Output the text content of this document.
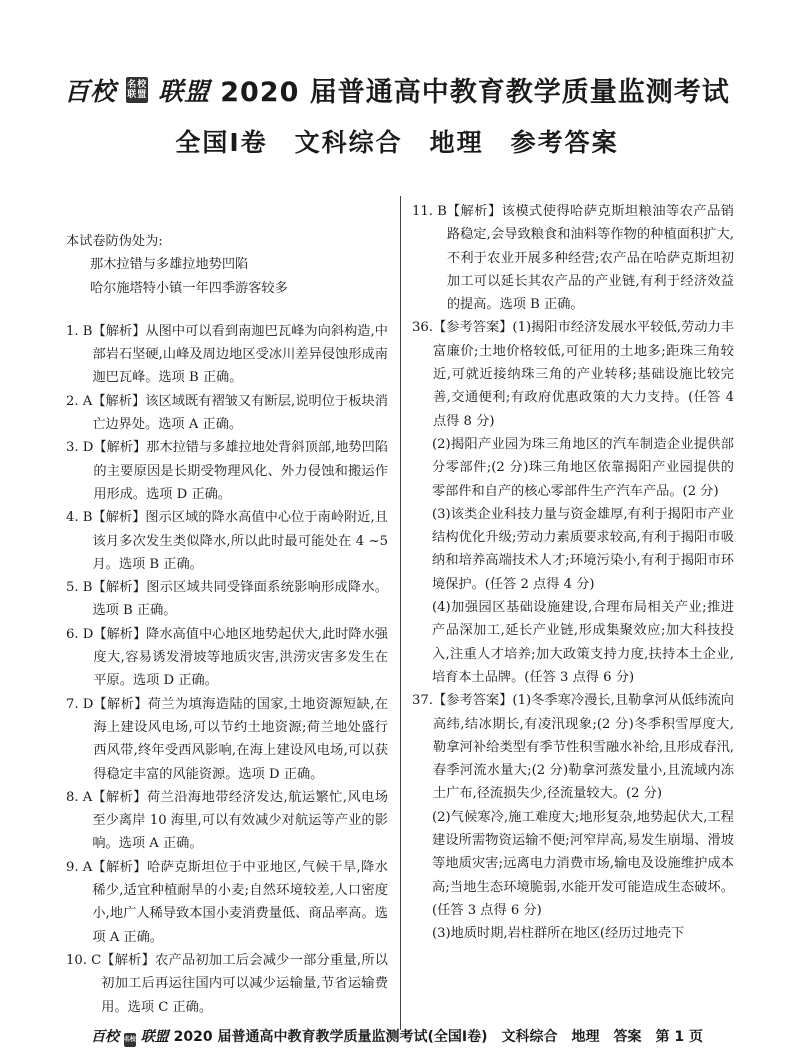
百校 名校联盟 联盟 2020 届普通高中教育教学质量监测考试
全国Ⅰ卷　文科综合　地理　参考答案
本试卷防伪处为:
那木拉错与多雄拉地势凹陷
哈尔施塔特小镇一年四季游客较多
1. B 【解析】从图中可以看到南迦巴瓦峰为向斜构造,中部岩石坚硬,山峰及周边地区受冰川差异侵蚀形成南迦巴瓦峰。选项 B 正确。
2. A 【解析】该区域既有褶皱又有断层,说明位于板块消亡边界处。选项 A 正确。
3. D 【解析】那木拉错与多雄拉地处背斜顶部,地势凹陷的主要原因是长期受物理风化、外力侵蚀和搬运作用形成。选项 D 正确。
4. B 【解析】图示区域的降水高值中心位于南岭附近,且该月多次发生类似降水,所以此时最可能处在 4 ~5 月。选项 B 正确。
5. B 【解析】图示区域共同受锋面系统影响形成降水。选项 B 正确。
6. D 【解析】降水高值中心地区地势起伏大,此时降水强度大,容易诱发滑坡等地质灾害,洪涝灾害多发生在平原。选项 D 正确。
7. D 【解析】荷兰为填海造陆的国家,土地资源短缺,在海上建设风电场,可以节约土地资源;荷兰地处盛行西风带,终年受西风影响,在海上建设风电场,可以获得稳定丰富的风能资源。选项 D 正确。
8. A 【解析】荷兰沿海地带经济发达,航运繁忙,风电场至少离岸 10 海里,可以有效减少对航运等产业的影响。选项 A 正确。
9. A 【解析】哈萨克斯坦位于中亚地区,气候干旱,降水稀少,适宜种植耐旱的小麦;自然环境较差,人口密度小,地广人稀导致本国小麦消费量低、商品率高。选项 A 正确。
10. C 【解析】农产品初加工后会减少一部分重量,所以初加工后再运往国内可以减少运输量,节省运输费用。选项 C 正确。
11. B 【解析】该模式使得哈萨克斯坦粮油等农产品销路稳定,会导致粮食和油料等作物的种植面积扩大,不利于农业开展多种经营;农产品在哈萨克斯坦初加工可以延长其农产品的产业链,有利于经济效益的提高。选项 B 正确。
36. 【参考答案】(1)揭阳市经济发展水平较低,劳动力丰富廉价;土地价格较低,可征用的土地多;距珠三角较近,可就近接纳珠三角的产业转移;基础设施比较完善,交通便利;有政府优惠政策的大力支持。(任答 4 点得 8 分)
(2)揭阳产业园为珠三角地区的汽车制造企业提供部分零部件;(2 分)珠三角地区依靠揭阳产业园提供的零部件和自产的核心零部件生产汽车产品。(2 分)
(3)该类企业科技力量与资金雄厚,有利于揭阳市产业结构优化升级;劳动力素质要求较高,有利于揭阳市吸纳和培养高端技术人才;环境污染小,有利于揭阳市环境保护。(任答 2 点得 4 分)
(4)加强园区基础设施建设,合理布局相关产业;推进产品深加工,延长产业链,形成集聚效应;加大科技投入,注重人才培养;加大政策支持力度,扶持本土企业,培育本土品牌。(任答 3 点得 6 分)
37. 【参考答案】(1)冬季寒冷漫长,且勒拿河从低纬流向高纬,结冰期长,有凌汛现象;(2 分)冬季积雪厚度大,勒拿河补给类型有季节性积雪融水补给,且形成春汛,春季河流水量大;(2 分)勒拿河蒸发量小,且流域内冻土广布,径流损失少,径流量较大。(2 分)
(2)气候寒冷,施工难度大;地形复杂,地势起伏大,工程建设所需物资运输不便;河窄岸高,易发生崩塌、滑坡等地质灾害;远离电力消费市场,输电及设施维护成本高;当地生态环境脆弱,水能开发可能造成生态破坏。(任答 3 点得 6 分)
(3)地质时期,岩柱群所在地区(经历过地壳下
百校 名校 联盟 2020 届普通高中教育教学质量监测考试(全国Ⅰ卷)　文科综合　地理　答案　第 1 页
